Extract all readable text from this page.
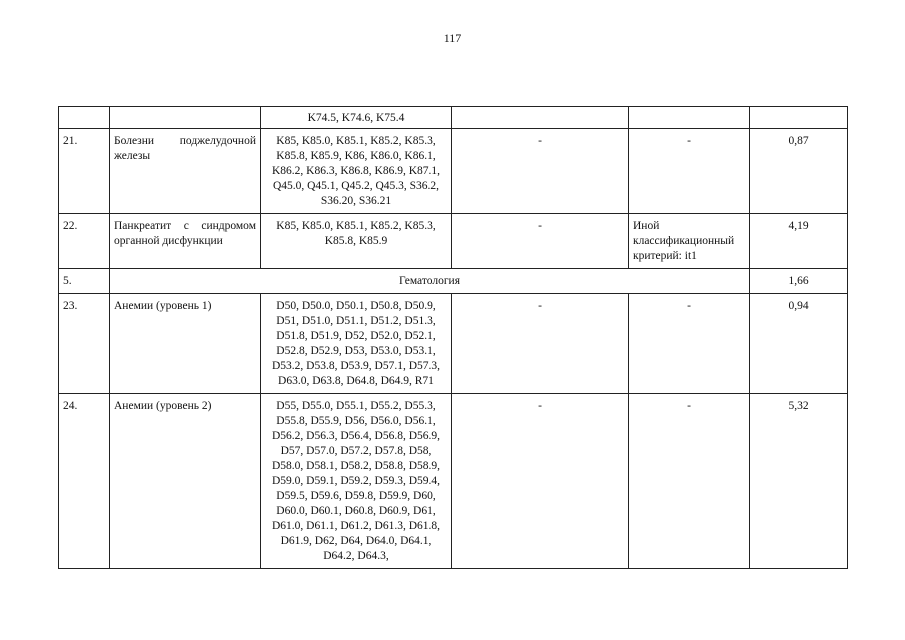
117
		K74.5, K74.6, K75.4			
21.	Болезни поджелудочной железы	K85, K85.0, K85.1, K85.2, K85.3, K85.8, K85.9, K86, K86.0, K86.1, K86.2, K86.3, K86.8, K86.9, K87.1, Q45.0, Q45.1, Q45.2, Q45.3, S36.2, S36.20, S36.21	-	-	0,87
22.	Панкреатит с синдромом органной дисфункции	K85, K85.0, K85.1, K85.2, K85.3, K85.8, K85.9	-	Иной классификационный критерий: it1	4,19
5.	Гематология				1,66
23.	Анемии (уровень 1)	D50, D50.0, D50.1, D50.8, D50.9, D51, D51.0, D51.1, D51.2, D51.3, D51.8, D51.9, D52, D52.0, D52.1, D52.8, D52.9, D53, D53.0, D53.1, D53.2, D53.8, D53.9, D57.1, D57.3, D63.0, D63.8, D64.8, D64.9, R71	-	-	0,94
24.	Анемии (уровень 2)	D55, D55.0, D55.1, D55.2, D55.3, D55.8, D55.9, D56, D56.0, D56.1, D56.2, D56.3, D56.4, D56.8, D56.9, D57, D57.0, D57.2, D57.8, D58, D58.0, D58.1, D58.2, D58.8, D58.9, D59.0, D59.1, D59.2, D59.3, D59.4, D59.5, D59.6, D59.8, D59.9, D60, D60.0, D60.1, D60.8, D60.9, D61, D61.0, D61.1, D61.2, D61.3, D61.8, D61.9, D62, D64, D64.0, D64.1, D64.2, D64.3,	-	-	5,32
